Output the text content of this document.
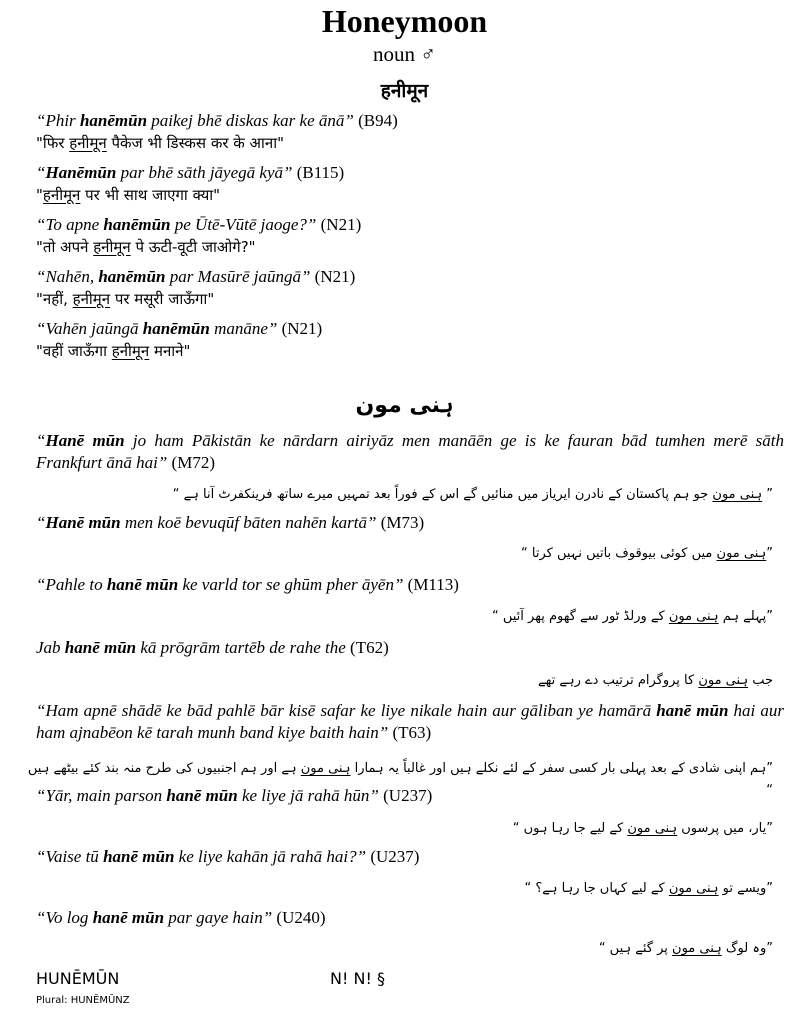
Honeymoon
noun ♂
हनीमून
“Phir hanēmūn paikej bhē diskas kar ke ānā” (B94)
"फिर हनीमून पैकेज भी डिस्कस कर के आना"
“Hanēmūn par bhē sāth jāyegā kyā” (B115)
"हनीमून पर भी साथ जाएगा क्या"
“To apne hanēmūn pe Ūtē-Vūtē jaoge?” (N21)
"तो अपने हनीमून पे ऊटी-वूटी जाओगे?"
“Nahēn, hanēmūn par Masūrē jaūngā” (N21)
"नहीं, हनीमून पर मसूरी जाऊँगा"
“Vahēn jaūngā hanēmūn manāne” (N21)
"वहीं जाऊँगा हनीमून मनाने"
ہنی مون
“Hanē mūn jo ham Pākistān ke nārdarn airiyāz men manāēn ge is ke fauran bād tumhen merē sāth Frankfurt ānā hai” (M72)
” ہنی مون جو ہم پاکستان کے نادرن ایریاز میں منائیں گے اس کے فوراً بعد تمہیں میرے ساتھ فرینکفرٹ آنا ہے “
“Hanē mūn men koē bevuqūf bāten nahēn kartā” (M73)
”ہنی مون میں کوئی بیوقوف باتیں نہیں کرتا “
“Pahle to hanē mūn ke varld tor se ghūm pher āyēn” (M113)
”پہلے ہم ہنی مون کے ورلڈ ٹور سے گھوم پھر آئیں “
Jab hanē mūn kā prōgrām tartēb de rahe the (T62)
جب ہنی مون کا پروگرام ترتیب دے رہے تھے
“Ham apnē shādē ke bād pahlē bār kisē safar ke liye nikale hain aur gāliban ye hamārā hanē mūn hai aur ham ajnabēon kē tarah munh band kiye baith hain” (T63)
”ہم اپنی شادی کے بعد پہلی بار کسی سفر کے لئے نکلے ہیں اور غالباً یہ ہمارا ہنی مون ہے اور ہم اجنبیوں کی طرح منہ بند کئے بیٹھے ہیں “
“Yār, main parson hanē mūn ke liye jā rahā hūn” (U237)
”یار، میں پرسوں ہنی مون کے لیے جا رہا ہوں “
“Vaise tū hanē mūn ke liye kahān jā rahā hai?” (U237)
”ویسے تو ہنی مون کے لیے کہاں جا رہا ہے؟ “
“Vo log hanē mūn par gaye hain” (U240)
”وہ لوگ ہنی مون پر گئے ہیں “
HUNĒMŪN
Plural: HUNĒMŪNZ
N! N! §
